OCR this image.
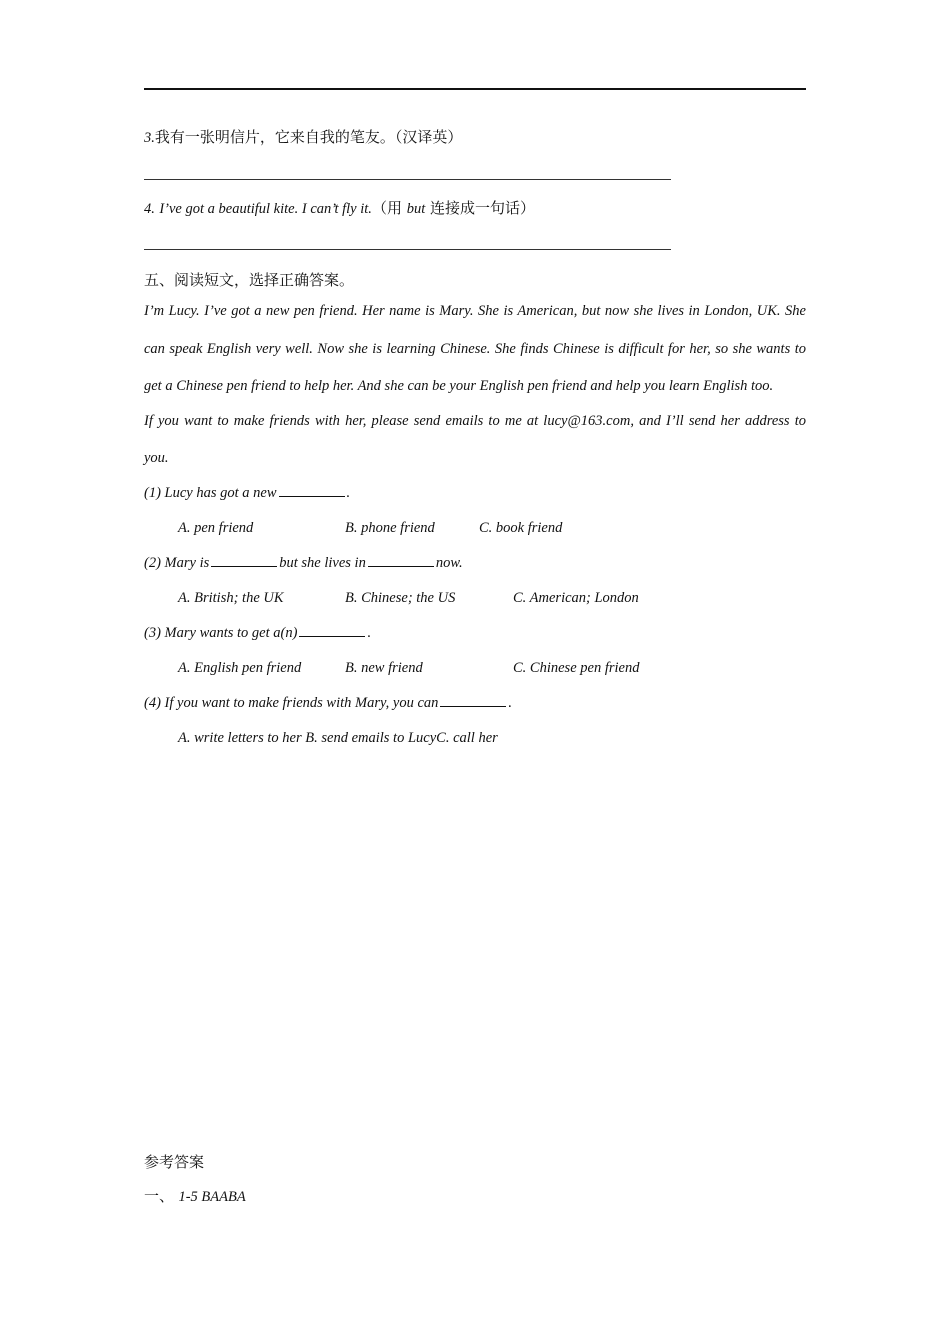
3.我有一张明信片，它来自我的笔友。（汉译英）
4. I’ve got a beautiful kite. I can’t fly it.（用 but 连接成一句话）
五、阅读短文，选择正确答案。
I’m Lucy. I’ve got a new pen friend. Her name is Mary. She is American, but now she lives in London, UK. She
can speak English very well. Now she is learning Chinese. She finds Chinese is difficult for her, so she wants to
get a Chinese pen friend to help her. And she can be your English pen friend and help you learn English too.
If you want to make friends with her, please send emails to me at lucy@163.com, and I’ll send her address to
you.
(1) Lucy has got a new	.
A. pen friend	B. phone friend	C. book friend
(2) Mary is	but she lives in	now.
A. British; the UK	B. Chinese; the US	C. American; London
(3) Mary wants to get a(n)	.
A. English pen friend	B. new friend	C. Chinese pen friend
(4) If you want to make friends with Mary, you can	.
A. write letters to her B. send emails to LucyC. call her
参考答案
一、 1-5 BAABA
